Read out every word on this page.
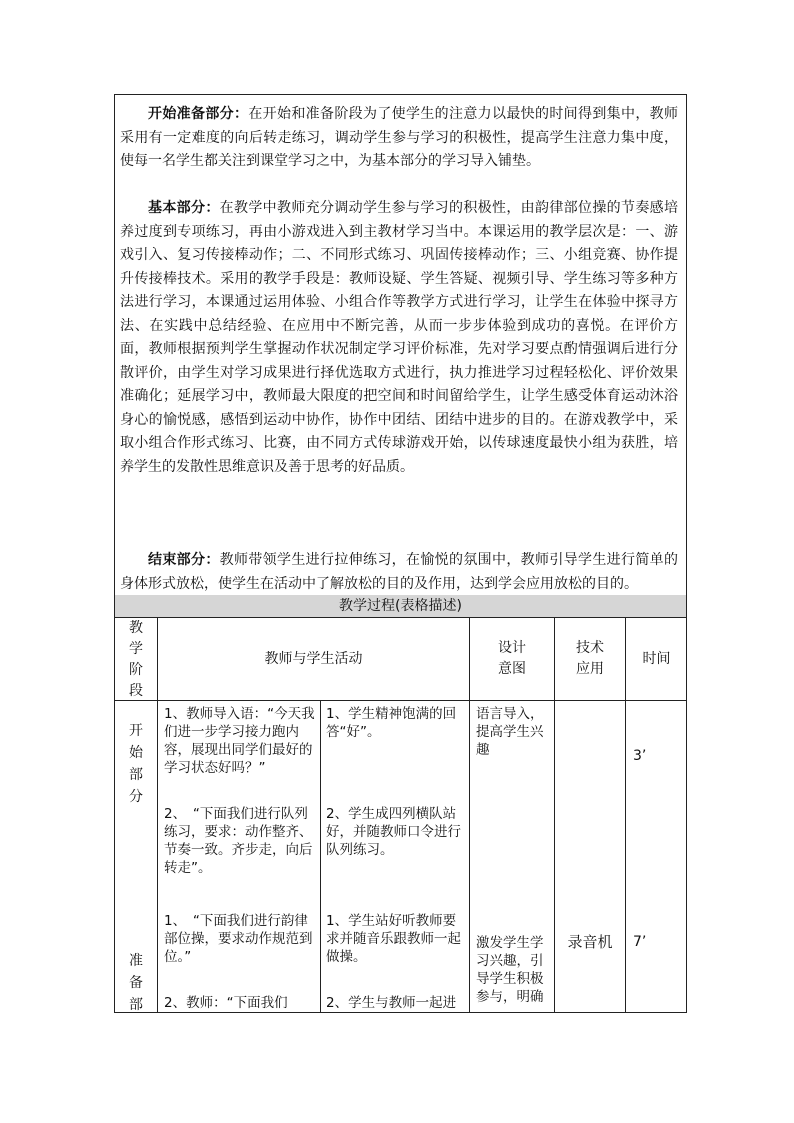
开始准备部分：在开始和准备阶段为了使学生的注意力以最快的时间得到集中，教师采用有一定难度的向后转走练习，调动学生参与学习的积极性，提高学生注意力集中度，使每一名学生都关注到课堂学习之中，为基本部分的学习导入铺垫。

基本部分：在教学中教师充分调动学生参与学习的积极性，由韵律部位操的节奏感培养过度到专项练习，再由小游戏进入到主教材学习当中。本课运用的教学层次是：一、游戏引入、复习传接棒动作；二、不同形式练习、巩固传接棒动作；三、小组竞赛、协作提升传接棒技术。采用的教学手段是：教师设疑、学生答疑、视频引导、学生练习等多种方法进行学习，本课通过运用体验、小组合作等教学方式进行学习，让学生在体验中探寻方法、在实践中总结经验、在应用中不断完善，从而一步步体验到成功的喜悦。在评价方面，教师根据预判学生掌握动作状况制定学习评价标准，先对学习要点酌情强调后进行分散评价，由学生对学习成果进行择优选取方式进行，执力推进学习过程轻松化、评价效果准确化；延展学习中，教师最大限度的把空间和时间留给学生，让学生感受体育运动沐浴身心的愉悦感，感悟到运动中协作，协作中团结、团结中进步的目的。在游戏教学中，采取小组合作形式练习、比赛，由不同方式传球游戏开始，以传球速度最快小组为获胜，培养学生的发散性思维意识及善于思考的好品质。

结束部分：教师带领学生进行拉伸练习，在愉悦的氛围中，教师引导学生进行简单的身体形式放松，使学生在活动中了解放松的目的及作用，达到学会应用放松的目的。

教学过程(表格描述)
教
学
阶
段
教师与学生活动
设计
意图
技术
应用
时间
开
始
部
分
准
备
部

1、教师导入语：“今天我们进一步学习接力跑内容，展现出同学们最好的学习状态好吗？”

2、　“下面我们进行队列练习，要求：动作整齐、节奏一致。齐步走，向后转走”。

1、　“下面我们进行韵律部位操，要求动作规范到位。”

2、教师：“下面我们

1、学生精神饱满的回答“好”。

2、学生成四列横队站好，并随教师口令进行队列练习。

1、学生站好听教师要求并随音乐跟教师一起做操。

2、学生与教师一起进

语言导入，提高学生兴趣

激发学生学习兴趣，引导学生积极参与，明确

录音机
3’
7’
